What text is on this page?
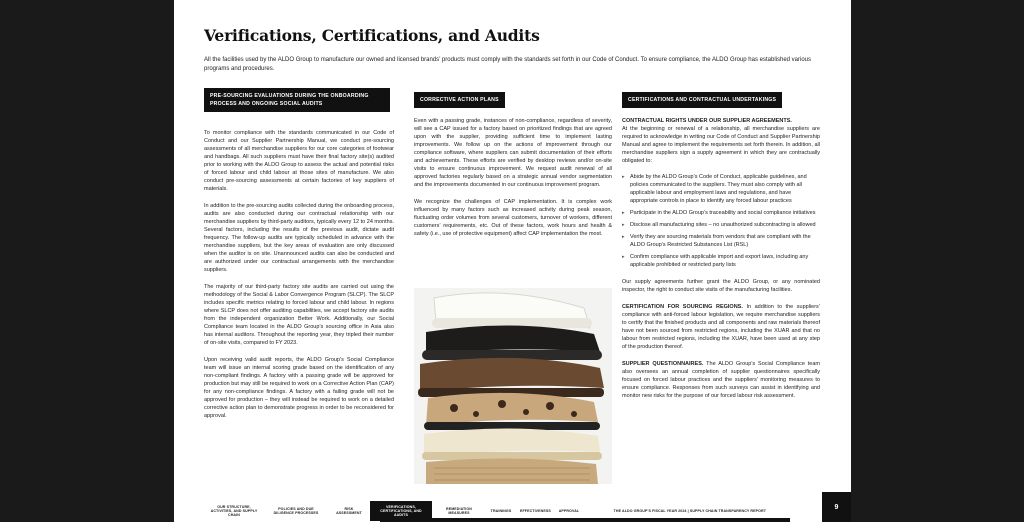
Verifications, Certifications, and Audits

All the facilities used by the ALDO Group to manufacture our owned and licensed brands’ products must comply with the standards set forth in our Code of Conduct. To ensure compliance, the ALDO Group has established various programs and procedures.

PRE-SOURCING EVALUATIONS DURING THE ONBOARDING PROCESS AND ONGOING SOCIAL AUDITS

To monitor compliance with the standards communicated in our Code of Conduct and our Supplier Partnership Manual, we conduct pre-sourcing assessments of all merchandise suppliers for our core categories of footwear and handbags. All such suppliers must have their final factory site(s) audited prior to working with the ALDO Group to assess the actual and potential risks of forced labour and child labour at those sites of manufacture. We also conduct pre-sourcing assessments at certain factories of key suppliers of materials.

In addition to the pre-sourcing audits collected during the onboarding process, audits are also conducted during our contractual relationship with our merchandise suppliers by third-party auditors, typically every 12 to 24 months. Several factors, including the results of the previous audit, dictate audit frequency. The follow-up audits are typically scheduled in advance with the merchandise suppliers, but the key areas of evaluation are only discussed when the auditor is on site. Unannounced audits can also be conducted and are authorized under our contractual arrangements with the merchandise suppliers.

The majority of our third-party factory site audits are carried out using the methodology of the Social & Labor Convergence Program (SLCP). The SLCP includes specific metrics relating to forced labour and child labour. In regions where SLCP does not offer auditing capabilities, we accept factory site audits from the independent organization Better Work. Additionally, our Social Compliance team located in the ALDO Group’s sourcing office in Asia also has internal auditors. Throughout the reporting year, they tripled their number of on-site visits, compared to FY 2023.

Upon receiving valid audit reports, the ALDO Group’s Social Compliance team will issue an internal scoring grade based on the identification of any non-compliant findings. A factory with a passing grade will be approved for production but may still be required to work on a Corrective Action Plan (CAP) for any non-compliance findings. A factory with a failing grade will not be approved for production – they will instead be required to work on a detailed corrective action plan to demonstrate progress in order to be reconsidered for approval.

CORRECTIVE ACTION PLANS

Even with a passing grade, instances of non-compliance, regardless of severity, will see a CAP issued for a factory based on prioritized findings that are agreed upon with the supplier, providing sufficient time to implement lasting improvements. We follow up on the actions of improvement through our compliance software, where suppliers can submit documentation of their efforts and achievements. These efforts are verified by desktop reviews and/or on-site visits to ensure continuous improvement. We request audit renewal of all approved factories regularly based on a strategic annual vendor segmentation and the improvements documented in our continuous improvement program.

We recognize the challenges of CAP implementation. It is complex work influenced by many factors such as increased activity during peak season, fluctuating order volumes from several customers, turnover of workers, different customers’ requirements, etc. Out of these factors, work hours and health & safety (i.e., use of protective equipment) affect CAP implementation the most.

CERTIFICATIONS AND CONTRACTUAL UNDERTAKINGS

CONTRACTUAL RIGHTS UNDER OUR SUPPLIER AGREEMENTS.
At the beginning or renewal of a relationship, all merchandise suppliers are required to acknowledge in writing our Code of Conduct and Supplier Partnership Manual and agree to implement the requirements set forth therein. In addition, all merchandise suppliers sign a supply agreement in which they are contractually obligated to:

▸ Abide by the ALDO Group’s Code of Conduct, applicable guidelines, and policies communicated to the suppliers. They must also comply with all applicable labour and employment laws and regulations, and have appropriate controls in place to identify any forced labour practices
▸ Participate in the ALDO Group’s traceability and social compliance initiatives
▸ Disclose all manufacturing sites – no unauthorized subcontracting is allowed
▸ Verify they are sourcing materials from vendors that are compliant with the ALDO Group’s Restricted Substances List (RSL)
▸ Confirm compliance with applicable import and export laws, including any applicable prohibited or restricted party lists

Our supply agreements further grant the ALDO Group, or any nominated inspector, the right to conduct site visits of the manufacturing facilities.

CERTIFICATION FOR SOURCING REGIONS. In addition to the suppliers’ compliance with anti-forced labour legislation, we require merchandise suppliers to certify that the finished products and all components and raw materials thereof have not been sourced from restricted regions, including the XUAR and that no labour from restricted regions, including the XUAR, have been used at any step of the production thereof.

SUPPLIER QUESTIONNAIRES. The ALDO Group’s Social Compliance team also oversees an annual completion of supplier questionnaires specifically focused on forced labour practices and the suppliers’ monitoring measures to ensure compliance. Responses from such surveys can assist in identifying and monitor new risks for the purpose of our forced labour risk assessment.

OUR STRUCTURE, ACTIVITIES, AND SUPPLY CHAIN
POLICIES AND DUE DILIGENCE PROCESSES
RISK ASSESSMENT
VERIFICATIONS, CERTIFICATIONS, AND AUDITS
REMEDIATION MEASURES
TRAININGS	EFFECTIVENESS	APPROVAL	THE ALDO GROUP’S FISCAL YEAR 2024 | SUPPLY CHAIN TRANSPARENCY REPORT
9
